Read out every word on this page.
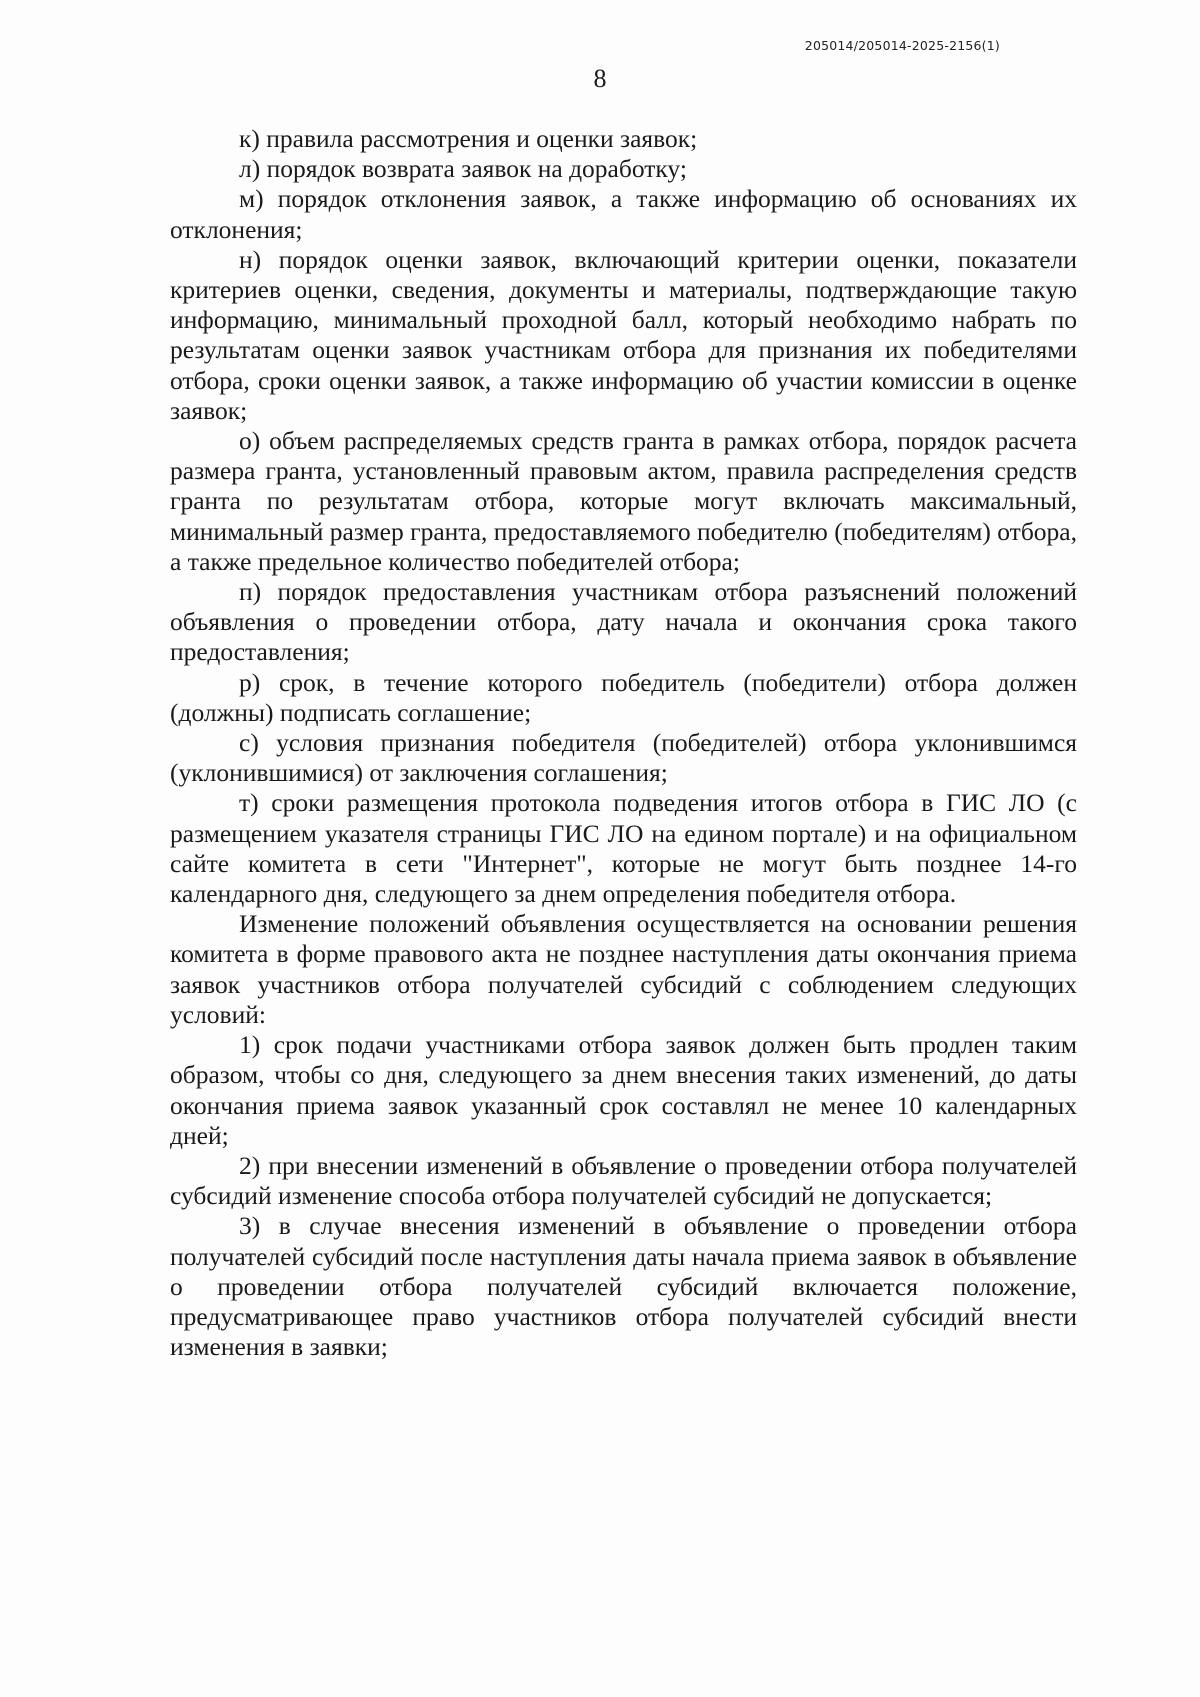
205014/205014-2025-2156(1)
8

к) правила рассмотрения и оценки заявок;

л) порядок возврата заявок на доработку;

м) порядок отклонения заявок, а также информацию об основаниях их отклонения;

н) порядок оценки заявок, включающий критерии оценки, показатели критериев оценки, сведения, документы и материалы, подтверждающие такую информацию, минимальный проходной балл, который необходимо набрать по результатам оценки заявок участникам отбора для признания их победителями отбора, сроки оценки заявок, а также информацию об участии комиссии в оценке заявок;

о) объем распределяемых средств гранта в рамках отбора, порядок расчета размера гранта, установленный правовым актом, правила распределения средств гранта по результатам отбора, которые могут включать максимальный, минимальный размер гранта, предоставляемого победителю (победителям) отбора, а также предельное количество победителей отбора;

п) порядок предоставления участникам отбора разъяснений положений объявления о проведении отбора, дату начала и окончания срока такого предоставления;

р) срок, в течение которого победитель (победители) отбора должен (должны) подписать соглашение;

с) условия признания победителя (победителей) отбора уклонившимся (уклонившимися) от заключения соглашения;

т) сроки размещения протокола подведения итогов отбора в ГИС ЛО (с размещением указателя страницы ГИС ЛО на едином портале) и на официальном сайте комитета в сети "Интернет", которые не могут быть позднее 14-го календарного дня, следующего за днем определения победителя отбора.

Изменение положений объявления осуществляется на основании решения комитета в форме правового акта не позднее наступления даты окончания приема заявок участников отбора получателей субсидий с соблюдением следующих условий:

1) срок подачи участниками отбора заявок должен быть продлен таким образом, чтобы со дня, следующего за днем внесения таких изменений, до даты окончания приема заявок указанный срок составлял не менее 10 календарных дней;

2) при внесении изменений в объявление о проведении отбора получателей субсидий изменение способа отбора получателей субсидий не допускается;

3) в случае внесения изменений в объявление о проведении отбора получателей субсидий после наступления даты начала приема заявок в объявление о проведении отбора получателей субсидий включается положение, предусматривающее право участников отбора получателей субсидий внести изменения в заявки;
